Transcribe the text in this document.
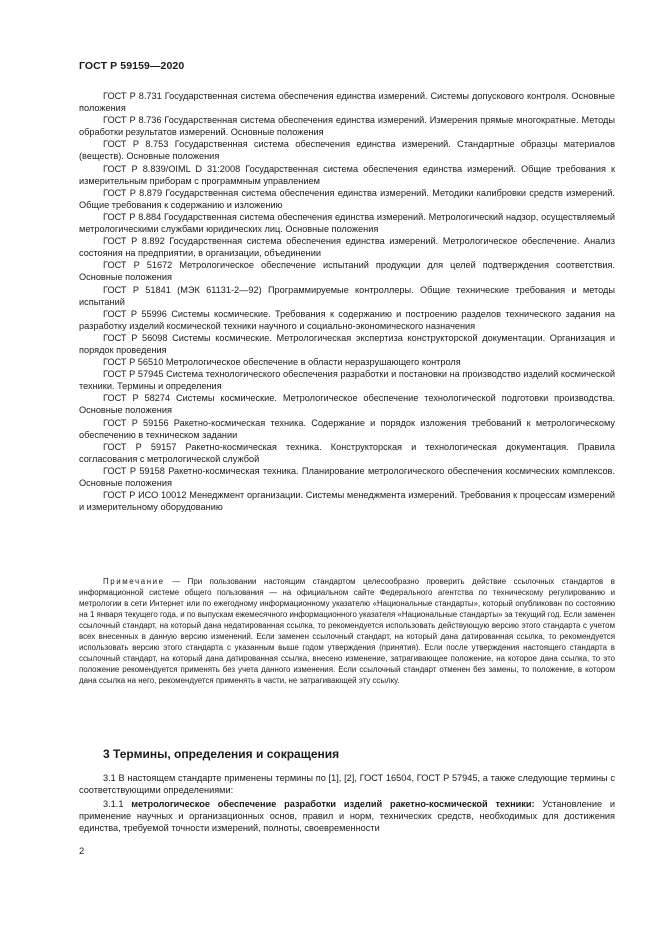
ГОСТ Р 59159—2020

ГОСТ Р 8.731 Государственная система обеспечения единства измерений. Системы допускового контроля. Основные положения

ГОСТ Р 8.736 Государственная система обеспечения единства измерений. Измерения прямые многократные. Методы обработки результатов измерений. Основные положения

ГОСТ Р 8.753 Государственная система обеспечения единства измерений. Стандартные образцы материалов (веществ). Основные положения

ГОСТ Р 8.839/OIML D 31:2008 Государственная система обеспечения единства измерений. Общие требования к измерительным приборам с программным управлением

ГОСТ Р 8.879 Государственная система обеспечения единства измерений. Методики калибровки средств измерений. Общие требования к содержанию и изложению

ГОСТ Р 8.884 Государственная система обеспечения единства измерений. Метрологический надзор, осуществляемый метрологическими службами юридических лиц. Основные положения

ГОСТ Р 8.892 Государственная система обеспечения единства измерений. Метрологическое обеспечение. Анализ состояния на предприятии, в организации, объединении

ГОСТ Р 51672 Метрологическое обеспечение испытаний продукции для целей подтверждения соответствия. Основные положения

ГОСТ Р 51841 (МЭК 61131-2—92) Программируемые контроллеры. Общие технические требования и методы испытаний

ГОСТ Р 55996 Системы космические. Требования к содержанию и построению разделов технического задания на разработку изделий космической техники научного и социально-экономического назначения

ГОСТ Р 56098 Системы космические. Метрологическая экспертиза конструкторской документации. Организация и порядок проведения

ГОСТ Р 56510 Метрологическое обеспечение в области неразрушающего контроля

ГОСТ Р 57945 Система технологического обеспечения разработки и постановки на производство изделий космической техники. Термины и определения

ГОСТ Р 58274 Системы космические. Метрологическое обеспечение технологической подготовки производства. Основные положения

ГОСТ Р 59156 Ракетно-космическая техника. Содержание и порядок изложения требований к метрологическому обеспечению в техническом задании

ГОСТ Р 59157 Ракетно-космическая техника. Конструкторская и технологическая документация. Правила согласования с метрологической службой

ГОСТ Р 59158 Ракетно-космическая техника. Планирование метрологического обеспечения космических комплексов. Основные положения

ГОСТ Р ИСО 10012 Менеджмент организации. Системы менеджмента измерений. Требования к процессам измерений и измерительному оборудованию

Примечание — При пользовании настоящим стандартом целесообразно проверить действие ссылочных стандартов в информационной системе общего пользования — на официальном сайте Федерального агентства по техническому регулированию и метрологии в сети Интернет или по ежегодному информационному указателю «Национальные стандарты», который опубликован по состоянию на 1 января текущего года, и по выпускам ежемесячного информационного указателя «Национальные стандарты» за текущий год. Если заменен ссылочный стандарт, на который дана недатированная ссылка, то рекомендуется использовать действующую версию этого стандарта с учетом всех внесенных в данную версию изменений. Если заменен ссылочный стандарт, на который дана датированная ссылка, то рекомендуется использовать версию этого стандарта с указанным выше годом утверждения (принятия). Если после утверждения настоящего стандарта в ссылочный стандарт, на который дана датированная ссылка, внесено изменение, затрагивающее положение, на которое дана ссылка, то это положение рекомендуется применять без учета данного изменения. Если ссылочный стандарт отменен без замены, то положение, в котором дана ссылка на него, рекомендуется применять в части, не затрагивающей эту ссылку.

3 Термины, определения и сокращения

3.1 В настоящем стандарте применены термины по [1], [2], ГОСТ 16504, ГОСТ Р 57945, а также следующие термины с соответствующими определениями:

3.1.1 метрологическое обеспечение разработки изделий ракетно-космической техники: Установление и применение научных и организационных основ, правил и норм, технических средств, необходимых для достижения единства, требуемой точности измерений, полноты, своевременности

2
